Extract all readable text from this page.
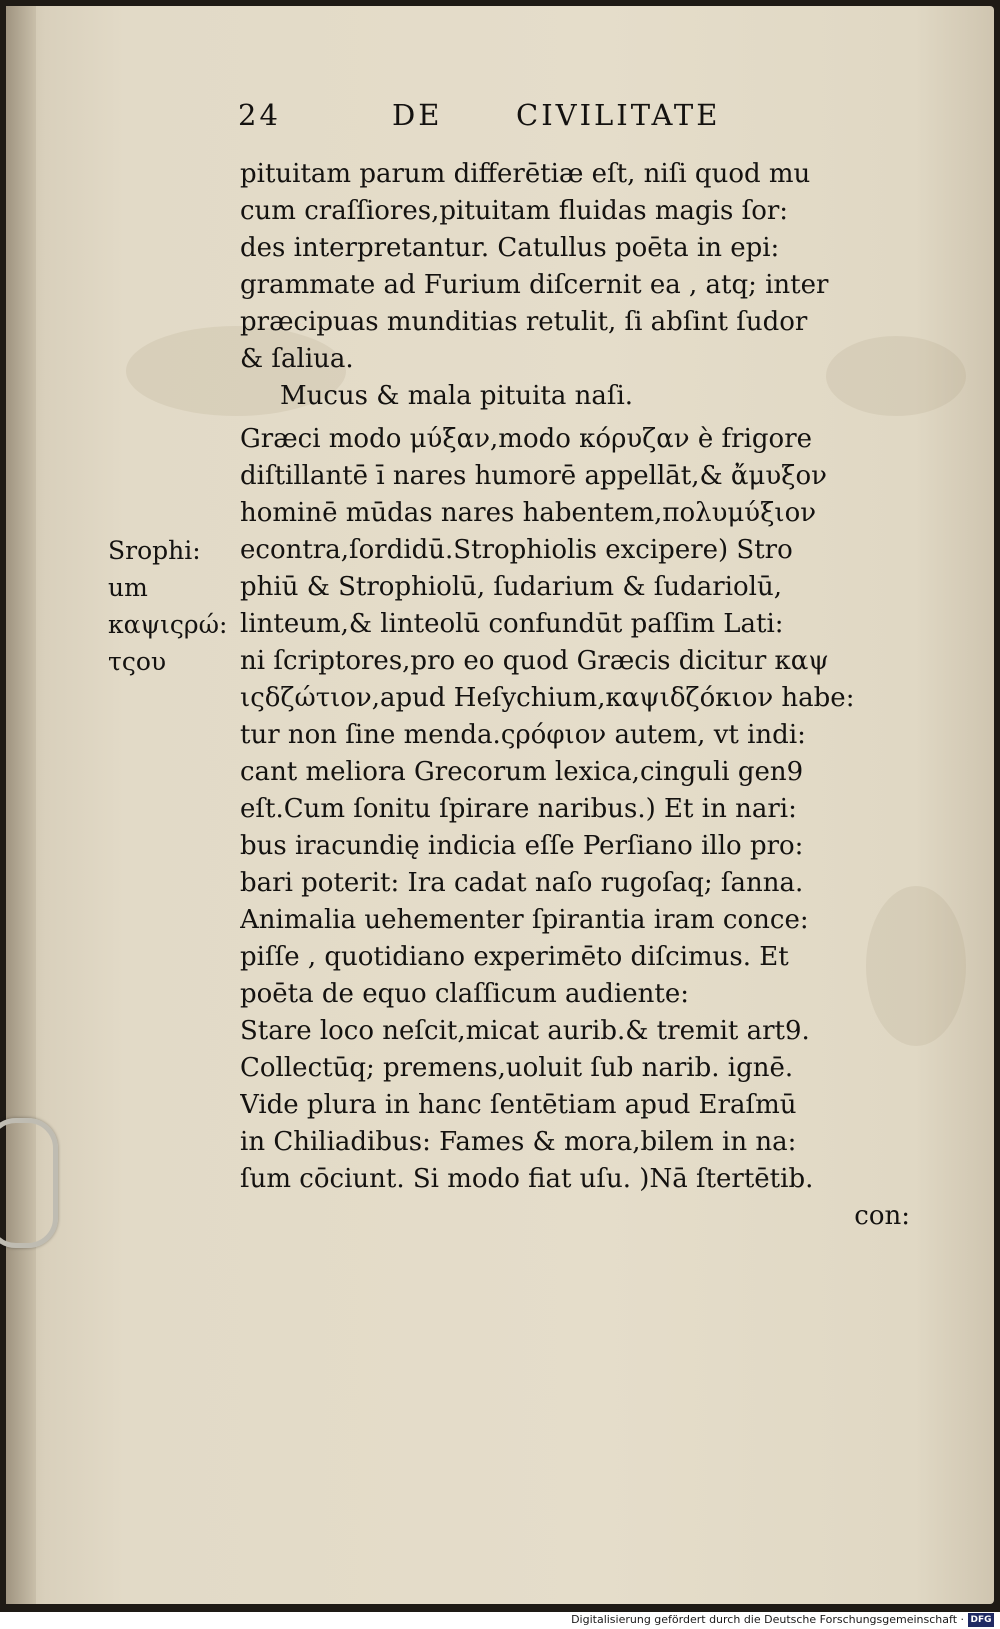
24	DE	CIVILITATE
Srophi:
um
καψιςρώ:
τςου
pituitam parum differētiæ eſt, niſi quod mu
cum craſſiores,pituitam fluidas magis ſor:
des interpretantur. Catullus poēta in epi:
grammate ad Furium diſcernit ea , atq; inter
præcipuas munditias retulit, ſi abſint ſudor
& ſaliua.
Mucus & mala pituita naſi.
Græci modo μύξαν,modo κόρυζαν è frigore
diſtillantē ī nares humorē appellāt,& ἄμυξον
hominē mūdas nares habentem,πολυμύξιον
econtra,ſordidū.Strophiolis excipere) Stro
phiū & Strophiolū, ſudarium & ſudariolū,
linteum,& linteolū confundūt paſſim Lati:
ni ſcriptores,pro eo quod Græcis dicitur καψ
ιςδζώτιον,apud Heſychium,καψιδζόκιον habe:
tur non ſine menda.ςρόφιον autem, vt indi:
cant meliora Grecorum lexica,cinguli gen9
eſt.Cum ſonitu ſpirare naribus.) Et in nari:
bus iracundię indicia eſſe Perſiano illo pro:
bari poterit: Ira cadat naſo rugoſaq; ſanna.
Animalia uehementer ſpirantia iram conce:
piſſe , quotidiano experimēto diſcimus. Et
poēta de equo claſſicum audiente:
Stare loco neſcit,micat aurib.& tremit art9.
Collectūq; premens,uoluit ſub narib. ignē.
Vide plura in hanc ſentētiam apud Eraſmū
in Chiliadibus: Fames & mora,bilem in na:
ſum cōciunt. Si modo fiat uſu. )Nā ſtertētib.
con:
Digitalisierung gefördert durch die Deutsche Forschungsgemeinschaft · DFG
